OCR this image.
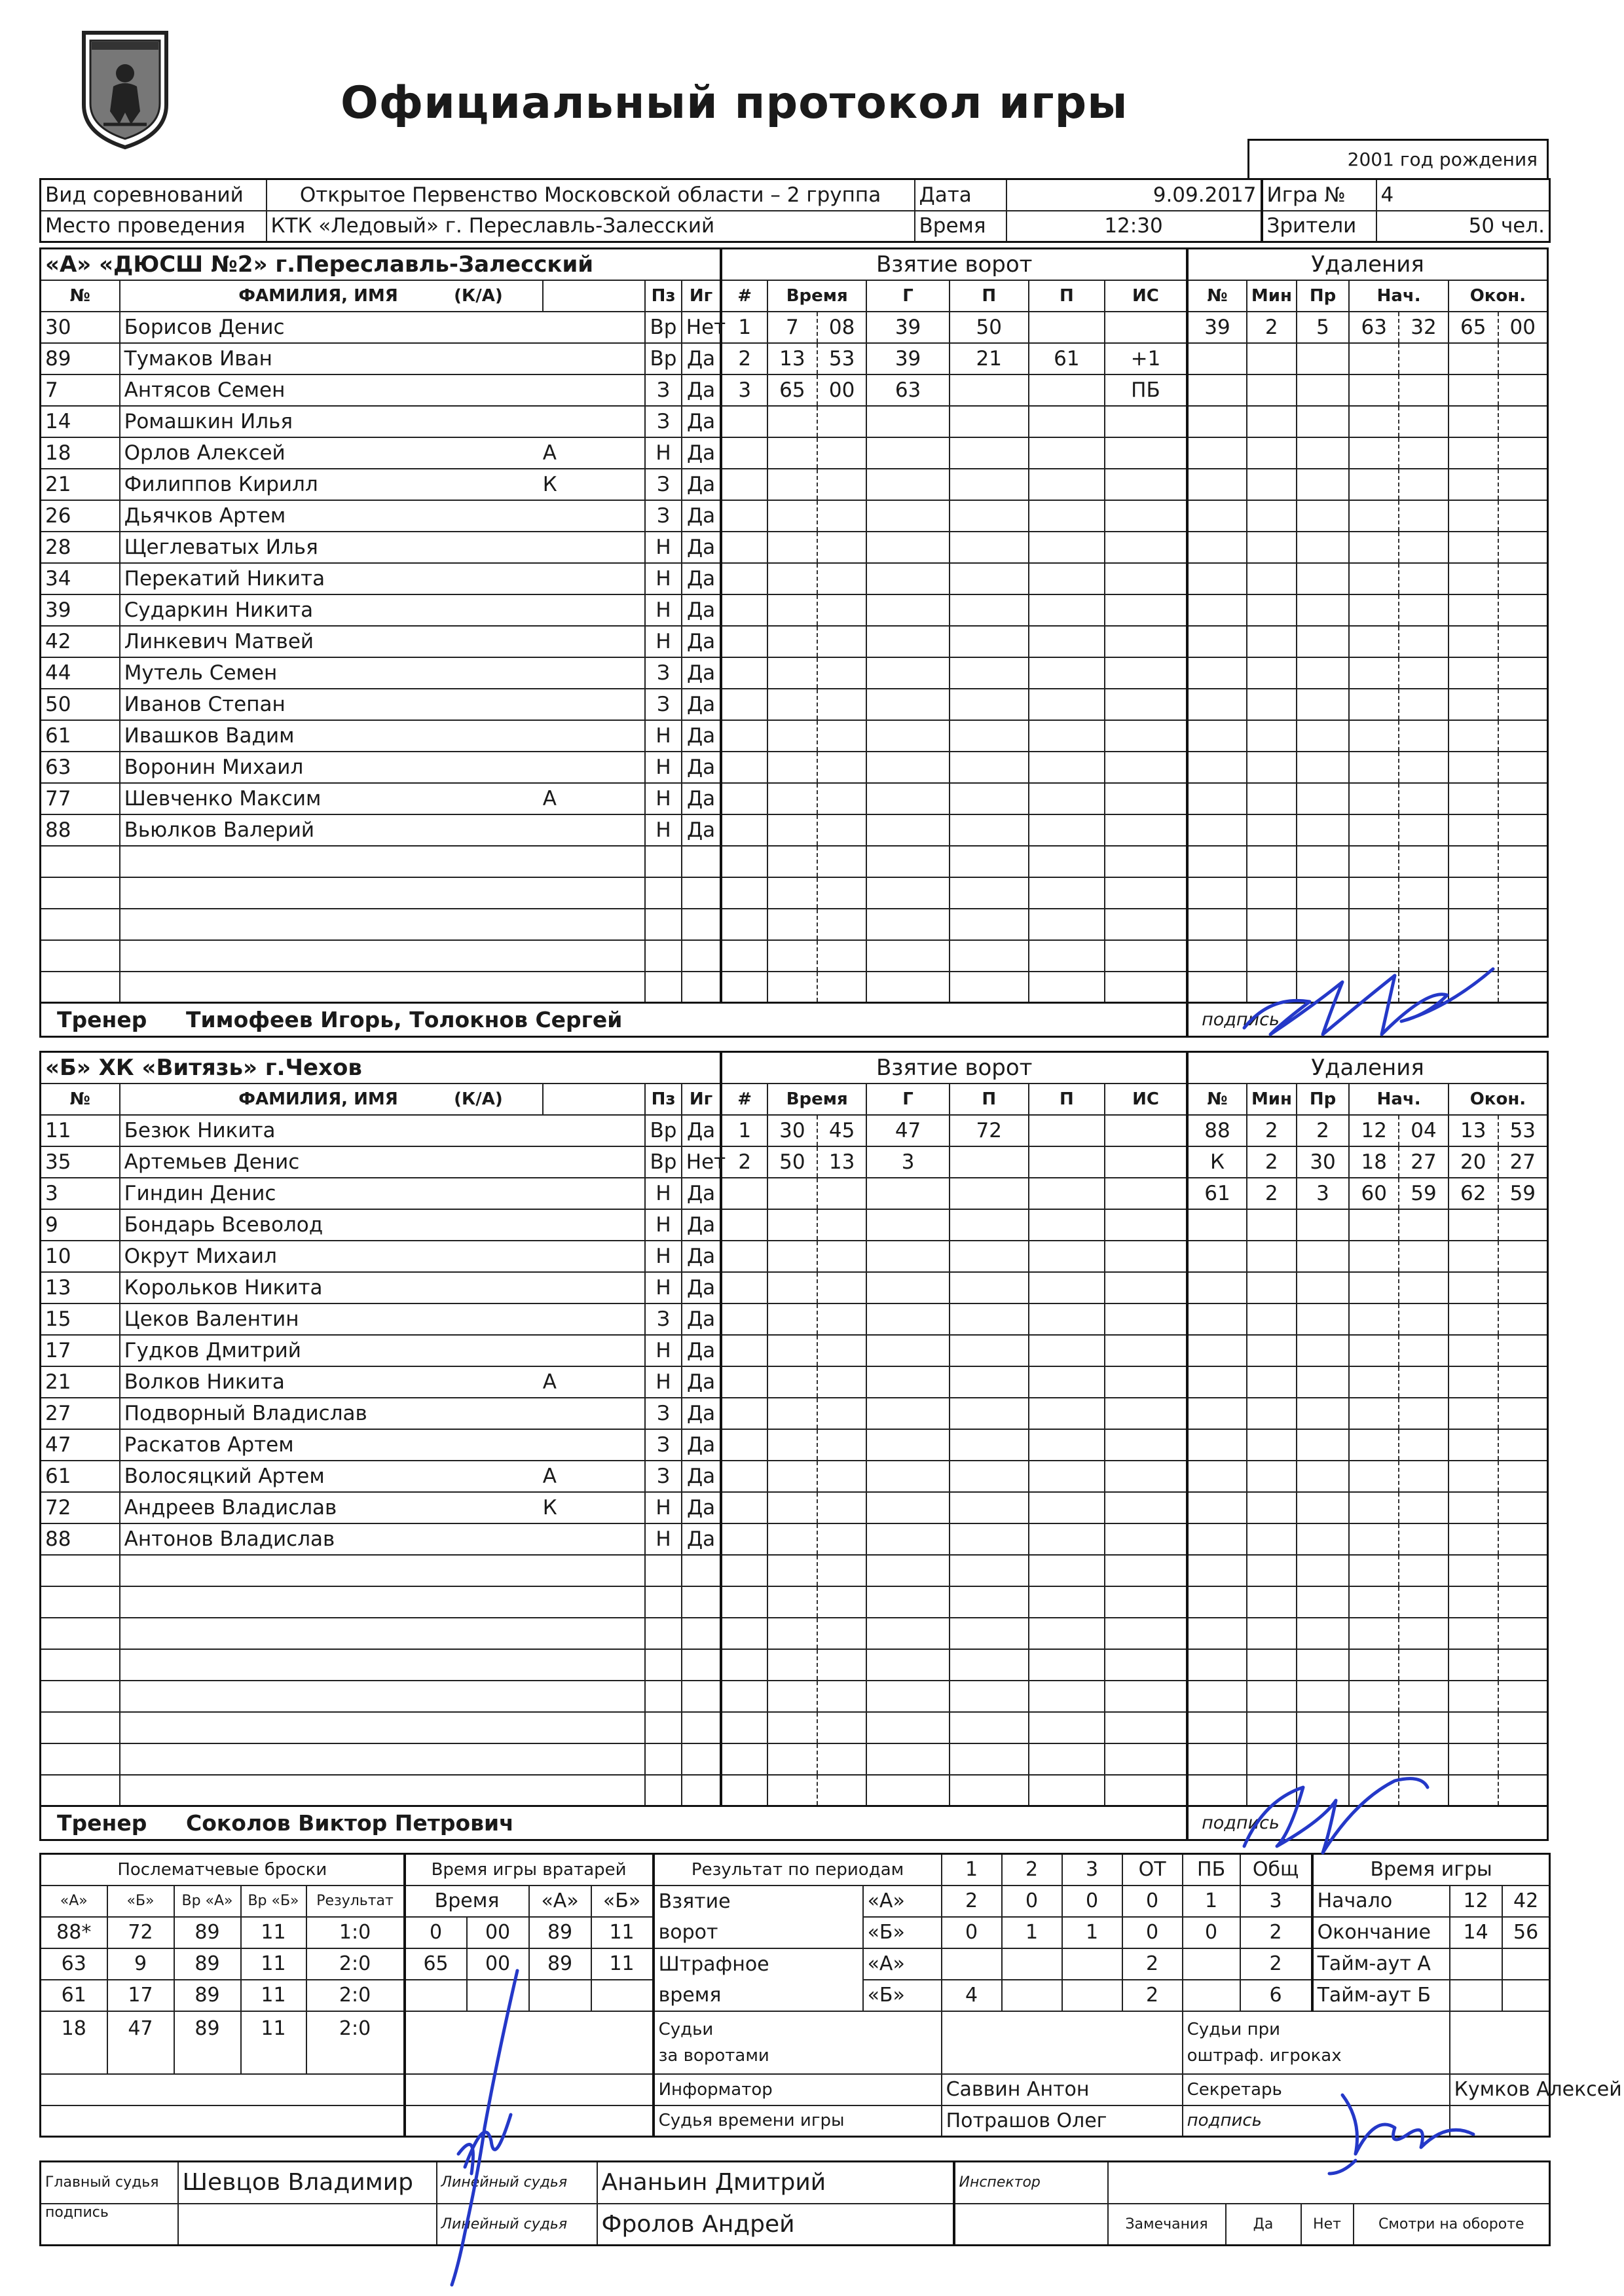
Официальный протокол игры
2001 год рождения
Вид соревнований	Открытое Первенство Московской области – 2 группа	Дата	9.09.2017	Игра №	4
Место проведения	КТК «Ледовый» г. Переславль-Залесский	Время	12:30	Зрители	50 чел.
«А» «ДЮСШ №2» г.Переславль-Залесский					Взятие ворот							Удаления						
№	ФАМИЛИЯ, ИМЯ (К/А)		Пз	Иг	#	Время		Г	П	П	ИС	№	Мин	Пр	Нач.		Окон.	
30	Борисов Денис		Вр	Нет	1	7	08	39	50			39	2	5	63	32	65	00
89	Тумаков Иван		Вр	Да	2	13	53	39	21	61	+1							
7	Антясов Семен		З	Да	3	65	00	63			ПБ							
14	Ромашкин Илья		З	Да														
18	Орлов Алексей	А	Н	Да														
21	Филиппов Кирилл	К	З	Да														
26	Дьячков Артем		З	Да														
28	Щеглеватых Илья		Н	Да														
34	Перекатий Никита		Н	Да														
39	Сударкин Никита		Н	Да														
42	Линкевич Матвей		Н	Да														
44	Мутель Семен		З	Да														
50	Иванов Степан		З	Да														
61	Ивашков Вадим		Н	Да														
63	Воронин Михаил		Н	Да														
77	Шевченко Максим	А	Н	Да														
88	Вьюлков Валерий		Н	Да														

Тренер Тимофеев Игорь, Толокнов Сергей												подпись						
«Б» ХК «Витязь» г.Чехов					Взятие ворот							Удаления						
№	ФАМИЛИЯ, ИМЯ (К/А)		Пз	Иг	#	Время		Г	П	П	ИС	№	Мин	Пр	Нач.		Окон.	
11	Безюк Никита		Вр	Да	1	30	45	47	72			88	2	2	12	04	13	53
35	Артемьев Денис		Вр	Нет	2	50	13	3				К	2	30	18	27	20	27
3	Гиндин Денис		Н	Да								61	2	3	60	59	62	59
9	Бондарь Всеволод		Н	Да														
10	Окрут Михаил		Н	Да														
13	Корольков Никита		Н	Да														
15	Цеков Валентин		З	Да														
17	Гудков Дмитрий		Н	Да														
21	Волков Никита	А	Н	Да														
27	Подворный Владислав		З	Да														
47	Раскатов Артем		З	Да														
61	Волосяцкий Артем	А	З	Да														
72	Андреев Владислав	К	Н	Да														
88	Антонов Владислав		Н	Да														

Тренер Соколов Виктор Петрович												подпись						
Послематчевые броски					Время игры вратарей				Результат по периодам		1	2	3	ОТ	ПБ	Общ	Время игры		
«А»	«Б»	Вр «А»	Вр «Б»	Результат	Время		«А»	«Б»	Взятие	«А»	2	0	0	0	1	3	Начало	12	42
88*	72	89	11	1:0	0	00	89	11	ворот	«Б»	0	1	1	0	0	2	Окончание	14	56
63	9	89	11	2:0	65	00	89	11	Штрафное	«А»				2		2	Тайм-аут А		
61	17	89	11	2:0					время	«Б»	4			2		6	Тайм-аут Б		
18	47	89	11	2:0					Судьи
за воротами						Судьи при
оштраф. игроках				
									Информатор		Саввин Антон				Секретарь			Кумков Алексей	
									Судья времени игры		Потрашов Олег				подпись				
Главный судья	Шевцов Владимир	Линейный судья	Ананьин Дмитрий	Инспектор				
подпись		Линейный судья	Фролов Андрей		Замечания	Да	Нет	Смотри на обороте
